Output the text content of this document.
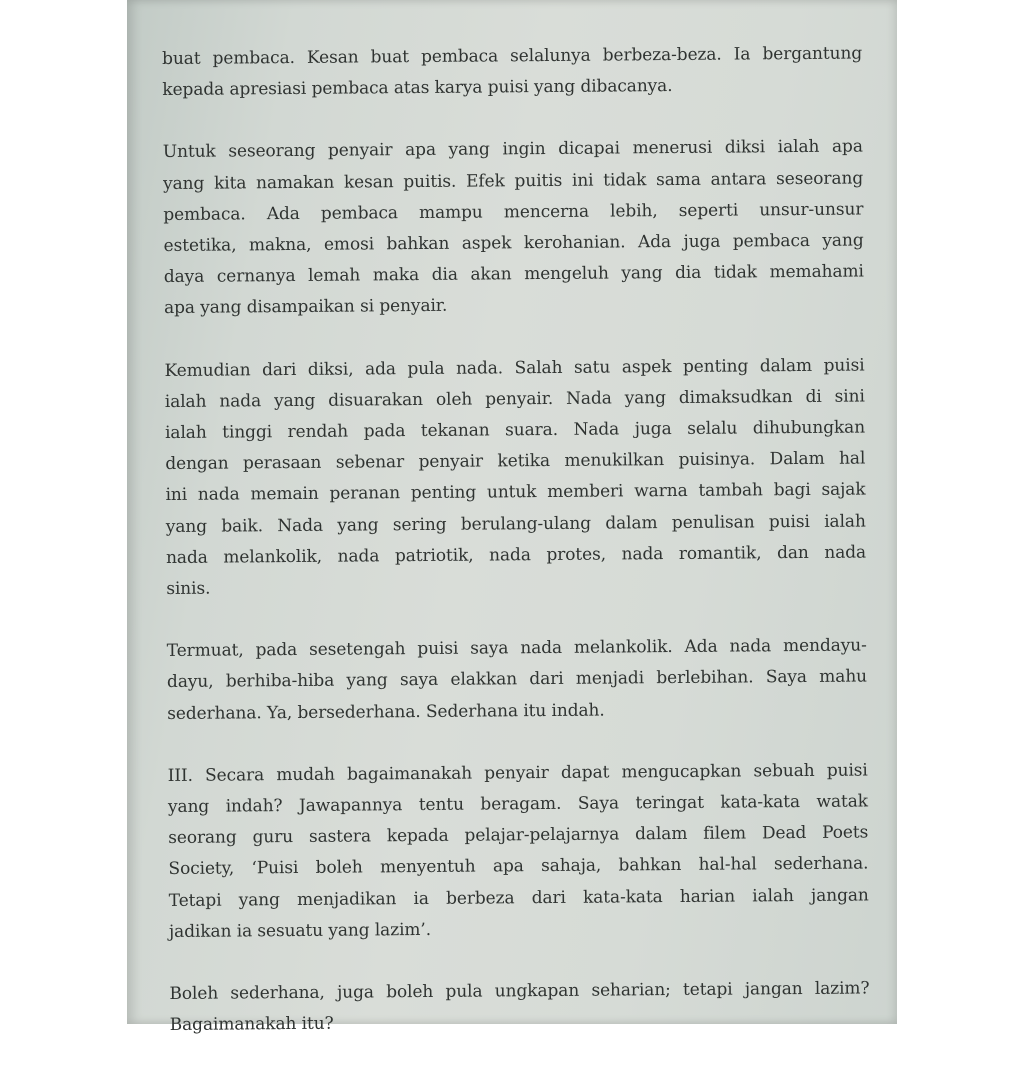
buat pembaca. Kesan buat pembaca selalunya berbeza-beza. Ia bergantung
kepada apresiasi pembaca atas karya puisi yang dibacanya.

Untuk seseorang penyair apa yang ingin dicapai menerusi diksi ialah apa
yang kita namakan kesan puitis. Efek puitis ini tidak sama antara seseorang
pembaca. Ada pembaca mampu mencerna lebih, seperti unsur-unsur
estetika, makna, emosi bahkan aspek kerohanian. Ada juga pembaca yang
daya cernanya lemah maka dia akan mengeluh yang dia tidak memahami
apa yang disampaikan si penyair.

Kemudian dari diksi, ada pula nada. Salah satu aspek penting dalam puisi
ialah nada yang disuarakan oleh penyair. Nada yang dimaksudkan di sini
ialah tinggi rendah pada tekanan suara. Nada juga selalu dihubungkan
dengan perasaan sebenar penyair ketika menukilkan puisinya. Dalam hal
ini nada memain peranan penting untuk memberi warna tambah bagi sajak
yang baik. Nada yang sering berulang-ulang dalam penulisan puisi ialah
nada melankolik, nada patriotik, nada protes, nada romantik, dan nada
sinis.

Termuat, pada sesetengah puisi saya nada melankolik. Ada nada mendayu-
dayu, berhiba-hiba yang saya elakkan dari menjadi berlebihan. Saya mahu
sederhana. Ya, bersederhana. Sederhana itu indah.

III. Secara mudah bagaimanakah penyair dapat mengucapkan sebuah puisi
yang indah? Jawapannya tentu beragam. Saya teringat kata-kata watak
seorang guru sastera kepada pelajar-pelajarnya dalam filem Dead Poets
Society, ‘Puisi boleh menyentuh apa sahaja, bahkan hal-hal sederhana.
Tetapi yang menjadikan ia berbeza dari kata-kata harian ialah jangan
jadikan ia sesuatu yang lazim’.

Boleh sederhana, juga boleh pula ungkapan seharian; tetapi jangan lazim?
Bagaimanakah itu?
